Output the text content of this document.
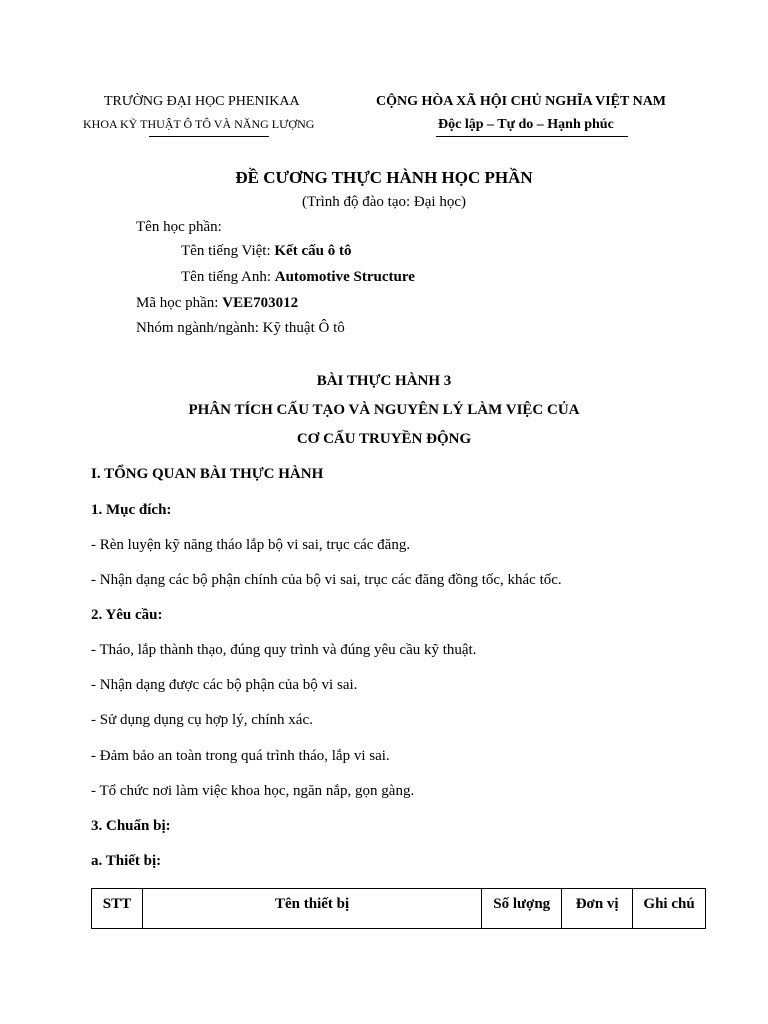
TRƯỜNG ĐẠI HỌC PHENIKAA
KHOA KỸ THUẬT Ô TÔ VÀ NĂNG LƯỢNG
CỘNG HÒA XÃ HỘI CHỦ NGHĨA VIỆT NAM
Độc lập – Tự do – Hạnh phúc
ĐỀ CƯƠNG THỰC HÀNH HỌC PHẦN
(Trình độ đào tạo: Đại học)
Tên học phần:
Tên tiếng Việt: Kết cấu ô tô
Tên tiếng Anh: Automotive Structure
Mã học phần: VEE703012
Nhóm ngành/ngành: Kỹ thuật Ô tô
BÀI THỰC HÀNH 3
PHÂN TÍCH CẤU TẠO VÀ NGUYÊN LÝ LÀM VIỆC CỦA
CƠ CẤU TRUYỀN ĐỘNG
I. TỔNG QUAN BÀI THỰC HÀNH
1. Mục đích:
- Rèn luyện kỹ năng tháo lắp bộ vi sai, trục các đăng.
- Nhận dạng các bộ phận chính của bộ vi sai, trục các đăng đồng tốc, khác tốc.
2. Yêu cầu:
- Tháo, lắp thành thạo, đúng quy trình và đúng yêu cầu kỹ thuật.
- Nhận dạng được các bộ phận của bộ vi sai.
- Sử dụng dụng cụ hợp lý, chính xác.
- Đảm bảo an toàn trong quá trình tháo, lắp vi sai.
- Tổ chức nơi làm việc khoa học, ngăn nắp, gọn gàng.
3. Chuẩn bị:
a. Thiết bị:
STT	Tên thiết bị	Số lượng	Đơn vị	Ghi chú
